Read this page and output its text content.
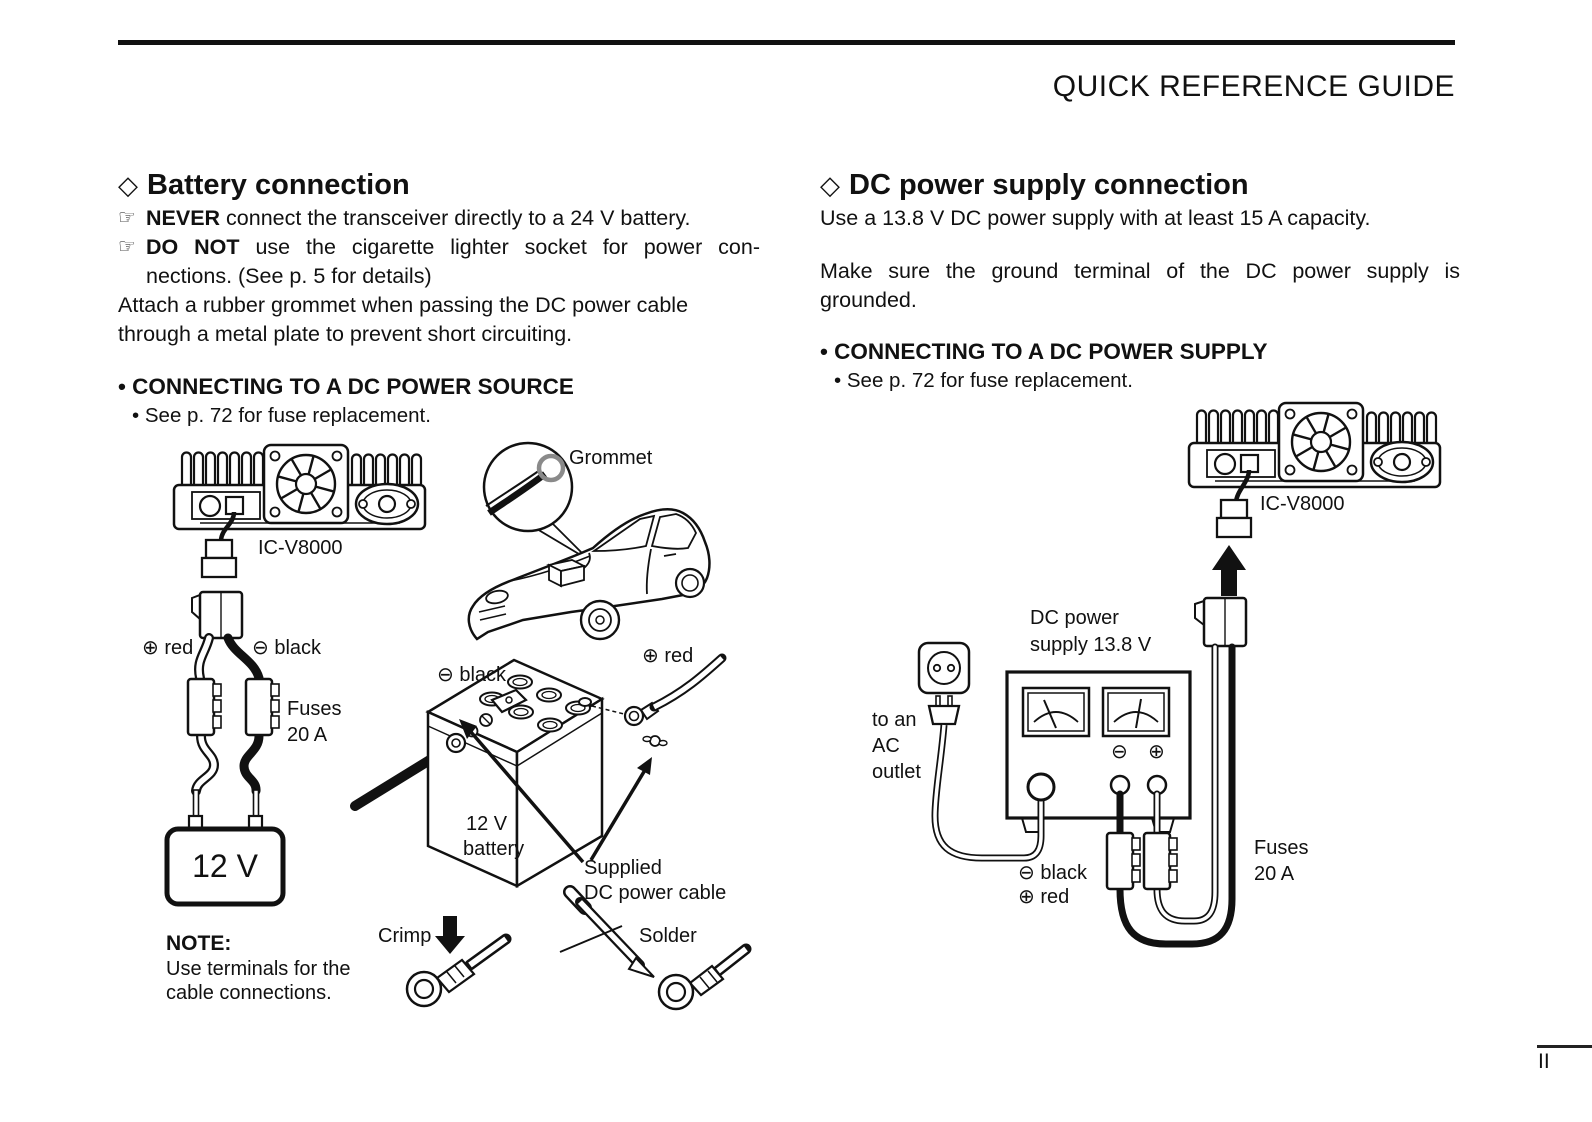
QUICK REFERENCE GUIDE
◇ Battery connection
☞ NEVER connect the transceiver directly to a 24 V battery.
☞ DO NOT use the cigarette lighter socket for power con-
nections. (See p. 5 for details)
Attach a rubber grommet when passing the DC power cable
through a metal plate to prevent short circuiting.
• CONNECTING TO A DC POWER SOURCE
• See p. 72 for fuse replacement.
◇ DC power supply connection
Use a 13.8 V DC power supply with at least 15 A capacity.
Make sure the ground terminal of the DC power supply is
grounded.
• CONNECTING TO A DC POWER SUPPLY
• See p. 72 for fuse replacement.
IC-V8000
⊕ red	⊖ black
Fuses
20 A
12 V
Grommet
⊖ black
⊕ red
12 V
battery
Supplied
DC power cable
NOTE:
Use terminals for the
cable connections.
Crimp	Solder
IC-V8000
DC power
supply 13.8 V
to an
AC
outlet
⊖ ⊕
⊖ black
⊕ red
Fuses
20 A
II
